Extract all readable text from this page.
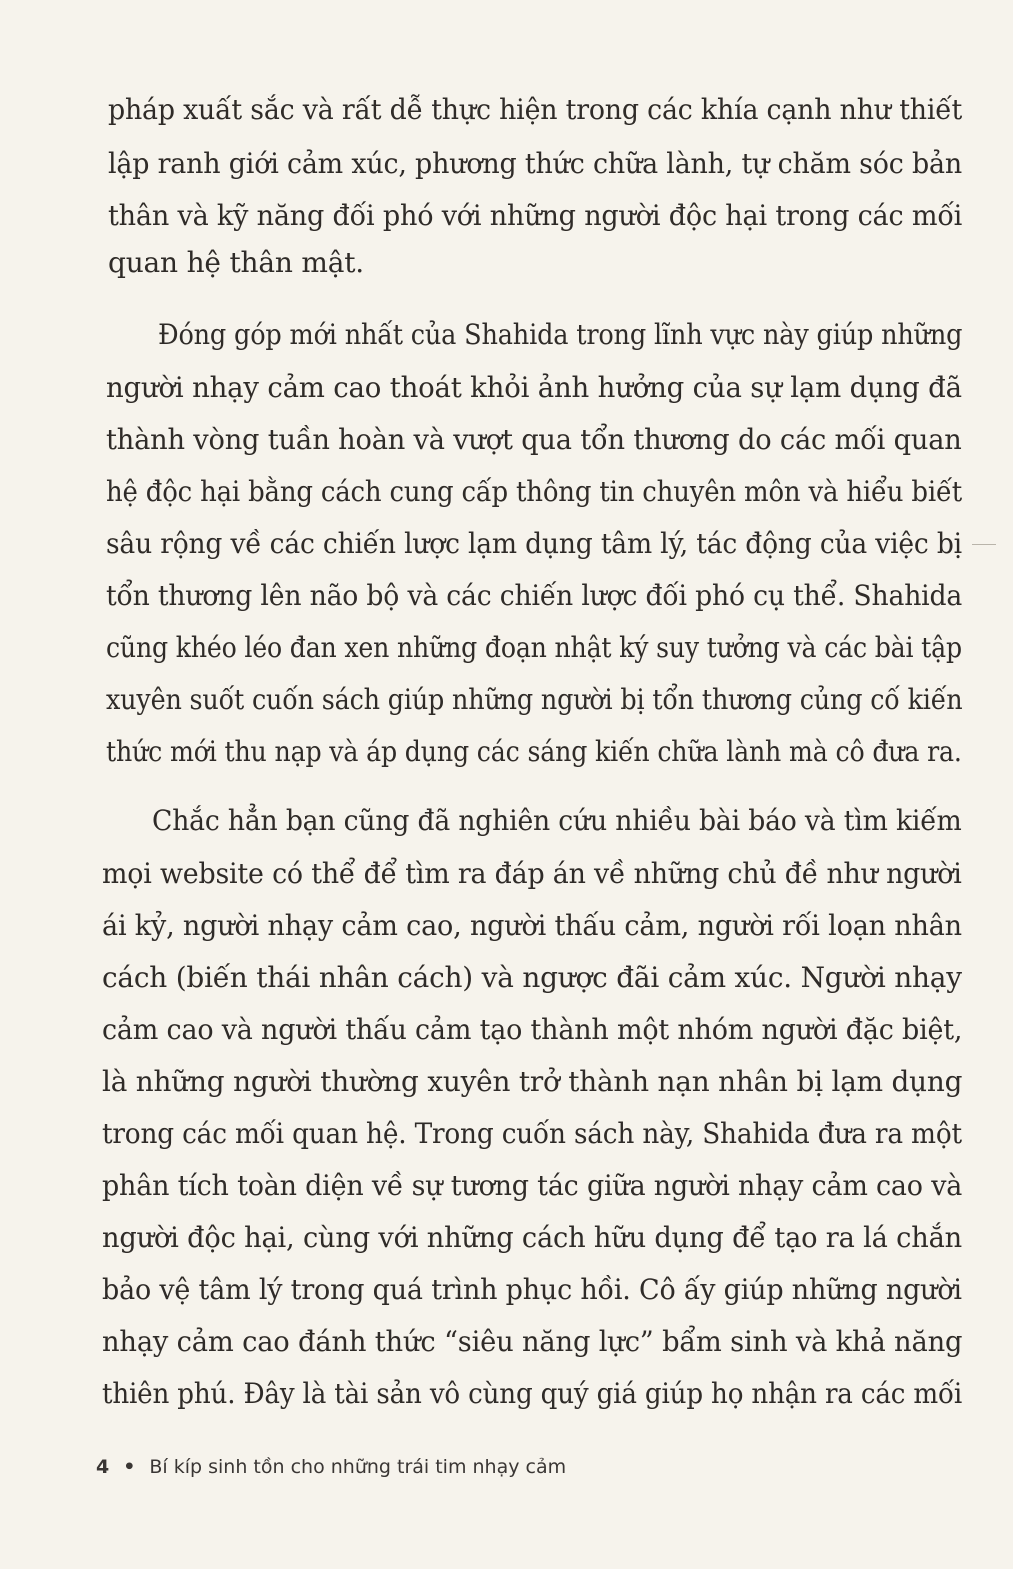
pháp xuất sắc và rất dễ thực hiện trong các khía cạnh như thiết
lập ranh giới cảm xúc, phương thức chữa lành, tự chăm sóc bản
thân và kỹ năng đối phó với những người độc hại trong các mối
quan hệ thân mật.
Đóng góp mới nhất của Shahida trong lĩnh vực này giúp những
người nhạy cảm cao thoát khỏi ảnh hưởng của sự lạm dụng đã
thành vòng tuần hoàn và vượt qua tổn thương do các mối quan
hệ độc hại bằng cách cung cấp thông tin chuyên môn và hiểu biết
sâu rộng về các chiến lược lạm dụng tâm lý, tác động của việc bị
tổn thương lên não bộ và các chiến lược đối phó cụ thể. Shahida
cũng khéo léo đan xen những đoạn nhật ký suy tưởng và các bài tập
xuyên suốt cuốn sách giúp những người bị tổn thương củng cố kiến
thức mới thu nạp và áp dụng các sáng kiến chữa lành mà cô đưa ra.
Chắc hẳn bạn cũng đã nghiên cứu nhiều bài báo và tìm kiếm
mọi website có thể để tìm ra đáp án về những chủ đề như người
ái kỷ, người nhạy cảm cao, người thấu cảm, người rối loạn nhân
cách (biến thái nhân cách) và ngược đãi cảm xúc. Người nhạy
cảm cao và người thấu cảm tạo thành một nhóm người đặc biệt,
là những người thường xuyên trở thành nạn nhân bị lạm dụng
trong các mối quan hệ. Trong cuốn sách này, Shahida đưa ra một
phân tích toàn diện về sự tương tác giữa người nhạy cảm cao và
người độc hại, cùng với những cách hữu dụng để tạo ra lá chắn
bảo vệ tâm lý trong quá trình phục hồi. Cô ấy giúp những người
nhạy cảm cao đánh thức “siêu năng lực” bẩm sinh và khả năng
thiên phú. Đây là tài sản vô cùng quý giá giúp họ nhận ra các mối
4 • Bí kíp sinh tồn cho những trái tim nhạy cảm
